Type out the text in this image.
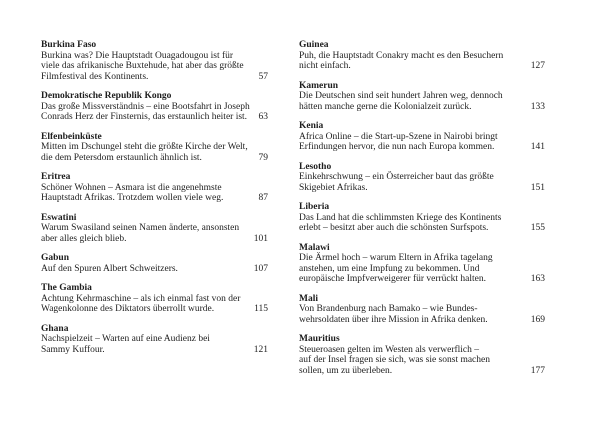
Burkina Faso
Burkina was? Die Hauptstadt Ouagadougou ist für
viele das afrikanische Buxtehude, hat aber das größte
Filmfestival des Kontinents.	57
Demokratische Republik Kongo
Das große Missverständnis – eine Bootsfahrt in Joseph
Conrads Herz der Finsternis, das erstaunlich heiter ist.	63
Elfenbeinküste
Mitten im Dschungel steht die größte Kirche der Welt,
die dem Petersdom erstaunlich ähnlich ist.	79
Eritrea
Schöner Wohnen – Asmara ist die angenehmste
Hauptstadt Afrikas. Trotzdem wollen viele weg.	87
Eswatini
Warum Swasiland seinen Namen änderte, ansonsten
aber alles gleich blieb.	101
Gabun
Auf den Spuren Albert Schweitzers.	107
The Gambia
Achtung Kehrmaschine – als ich einmal fast von der
Wagenkolonne des Diktators überrollt wurde.	115
Ghana
Nachspielzeit – Warten auf eine Audienz bei
Sammy Kuffour.	121
Guinea
Puh, die Hauptstadt Conakry macht es den Besuchern
nicht einfach.	127
Kamerun
Die Deutschen sind seit hundert Jahren weg, dennoch
hätten manche gerne die Kolonialzeit zurück.	133
Kenia
Africa Online – die Start-up-Szene in Nairobi bringt
Erfindungen hervor, die nun nach Europa kommen.	141
Lesotho
Einkehrschwung – ein Österreicher baut das größte
Skigebiet Afrikas.	151
Liberia
Das Land hat die schlimmsten Kriege des Kontinents
erlebt – besitzt aber auch die schönsten Surfspots.	155
Malawi
Die Ärmel hoch – warum Eltern in Afrika tagelang
anstehen, um eine Impfung zu bekommen. Und
europäische Impfverweigerer für verrückt halten.	163
Mali
Von Brandenburg nach Bamako – wie Bundes-
wehrsoldaten über ihre Mission in Afrika denken.	169
Mauritius
Steueroasen gelten im Westen als verwerflich –
auf der Insel fragen sie sich, was sie sonst machen
sollen, um zu überleben.	177
